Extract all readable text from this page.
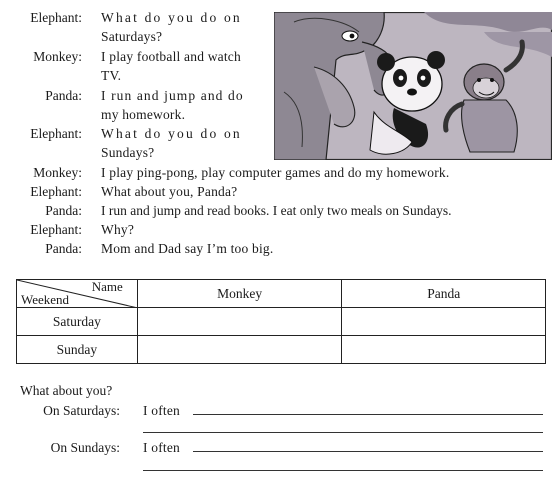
Elephant: What do you do on
Saturdays?
Monkey: I play football and watch
TV.
Panda: I run and jump and do
my homework.
Elephant: What do you do on
Sundays?
Monkey: I play ping-pong, play computer games and do my homework.
Elephant: What about you, Panda?
Panda: I run and jump and read books. I eat only two meals on Sundays.
Elephant: Why?
Panda: Mom and Dad say I’m too big.
Name
Weekend	Monkey	Panda
Saturday		
Sunday		
What about you?
On Saturdays: I often
On Sundays: I often
